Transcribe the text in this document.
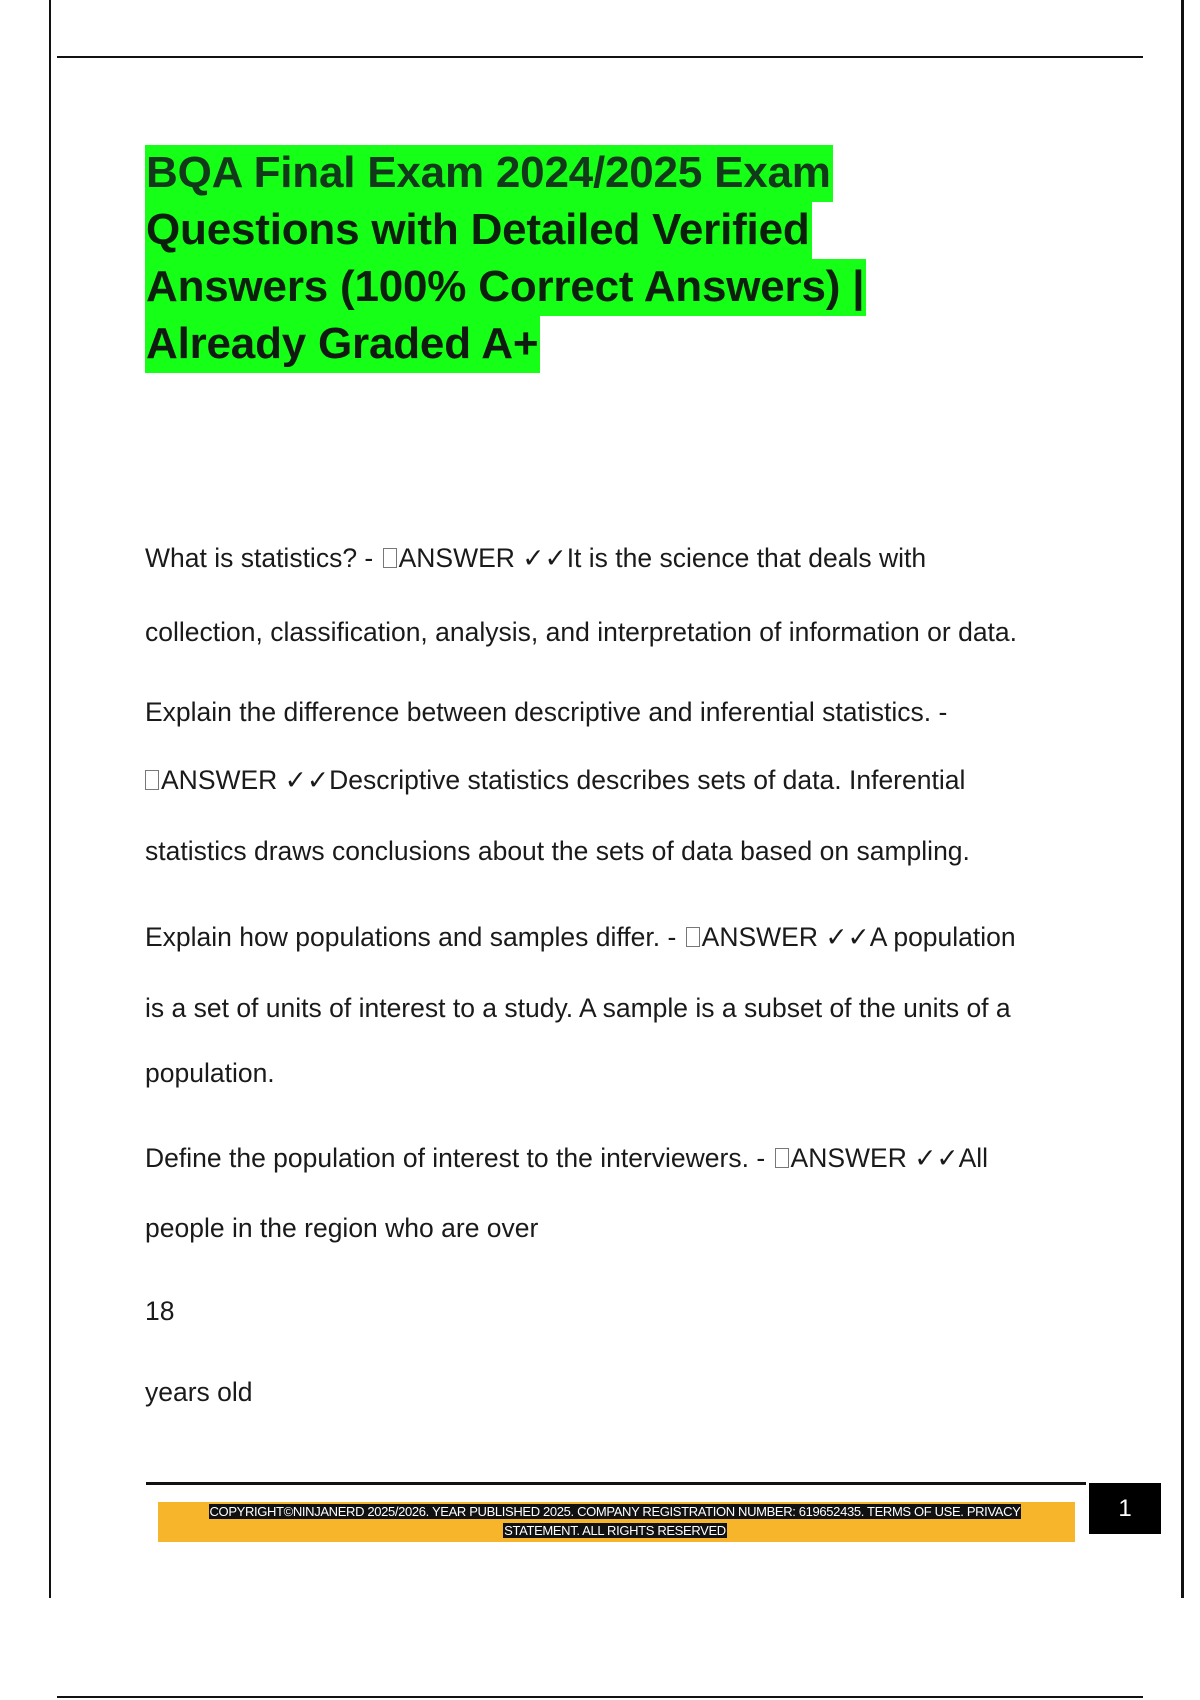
BQA Final Exam 2024/2025 Exam
Questions with Detailed Verified
Answers (100% Correct Answers) |
Already Graded A+
What is statistics? - ANSWER ✓✓It is the science that deals with
collection, classification, analysis, and interpretation of information or data.
Explain the difference between descriptive and inferential statistics. -
ANSWER ✓✓Descriptive statistics describes sets of data. Inferential
statistics draws conclusions about the sets of data based on sampling.
Explain how populations and samples differ. - ANSWER ✓✓A population
is a set of units of interest to a study. A sample is a subset of the units of a
population.
Define the population of interest to the interviewers. - ANSWER ✓✓All
people in the region who are over
18
years old
COPYRIGHT©NINJANERD 2025/2026. YEAR PUBLISHED 2025. COMPANY REGISTRATION NUMBER: 619652435. TERMS OF USE. PRIVACY
STATEMENT. ALL RIGHTS RESERVED
1
